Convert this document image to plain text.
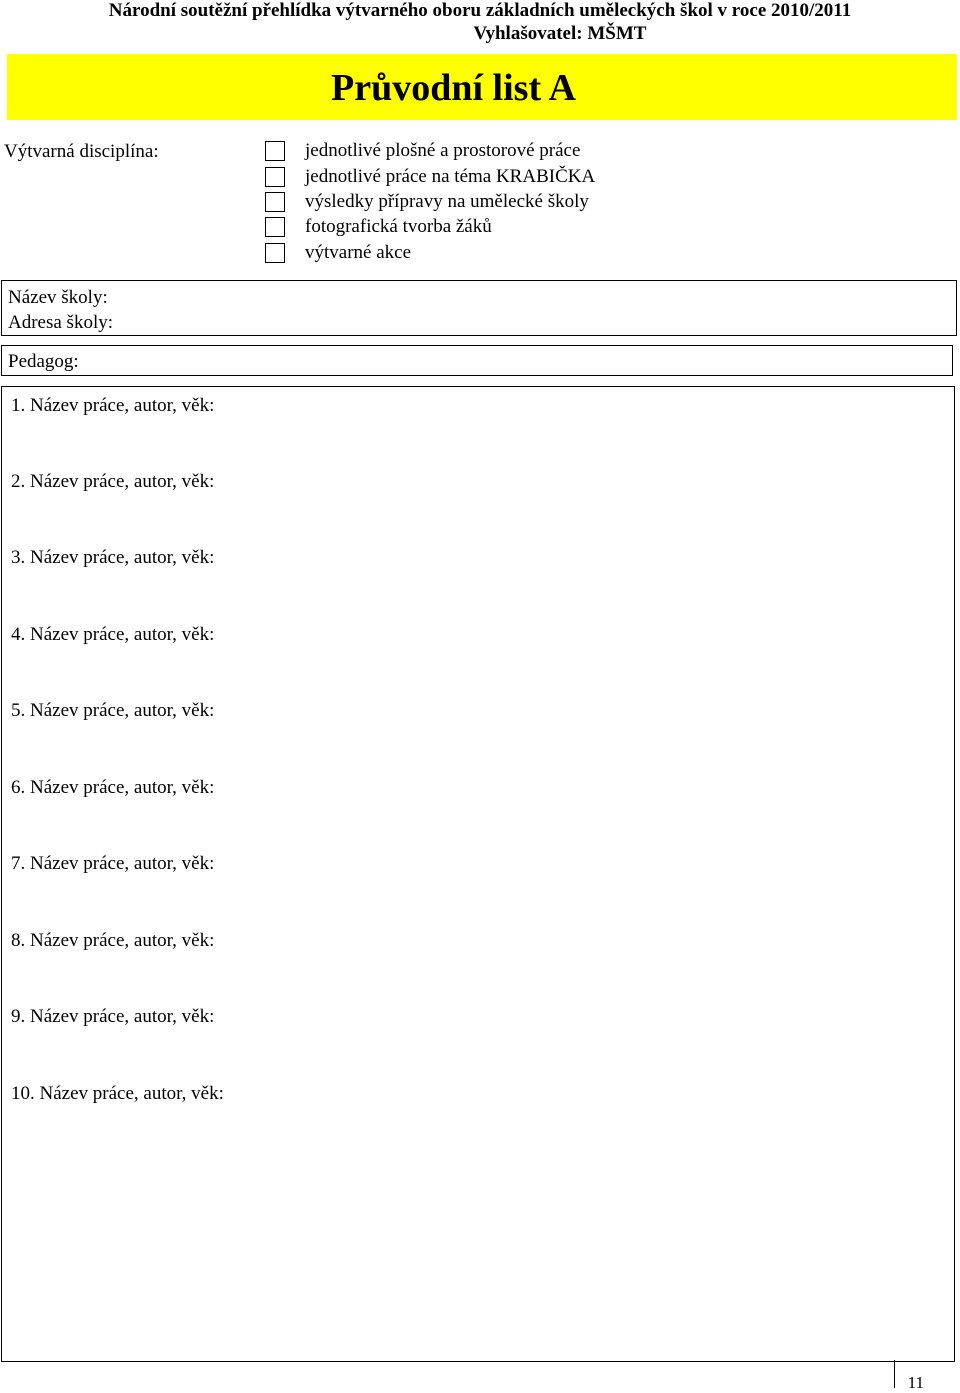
Národní soutěžní přehlídka výtvarného oboru základních uměleckých škol v roce 2010/2011
Vyhlašovatel: MŠMT
Průvodní list A
Výtvarná disciplína:	jednotlivé plošné a prostorové práce
jednotlivé práce na téma KRABIČKA
výsledky přípravy na umělecké školy
fotografická tvorba žáků
výtvarné akce
Název školy:
Adresa školy:
Pedagog:
1. Název práce, autor, věk:
2. Název práce, autor, věk:
3. Název práce, autor, věk:
4. Název práce, autor, věk:
5. Název práce, autor, věk:
6. Název práce, autor, věk:
7. Název práce, autor, věk:
8. Název práce, autor, věk:
9. Název práce, autor, věk:
10. Název práce, autor, věk:
11
